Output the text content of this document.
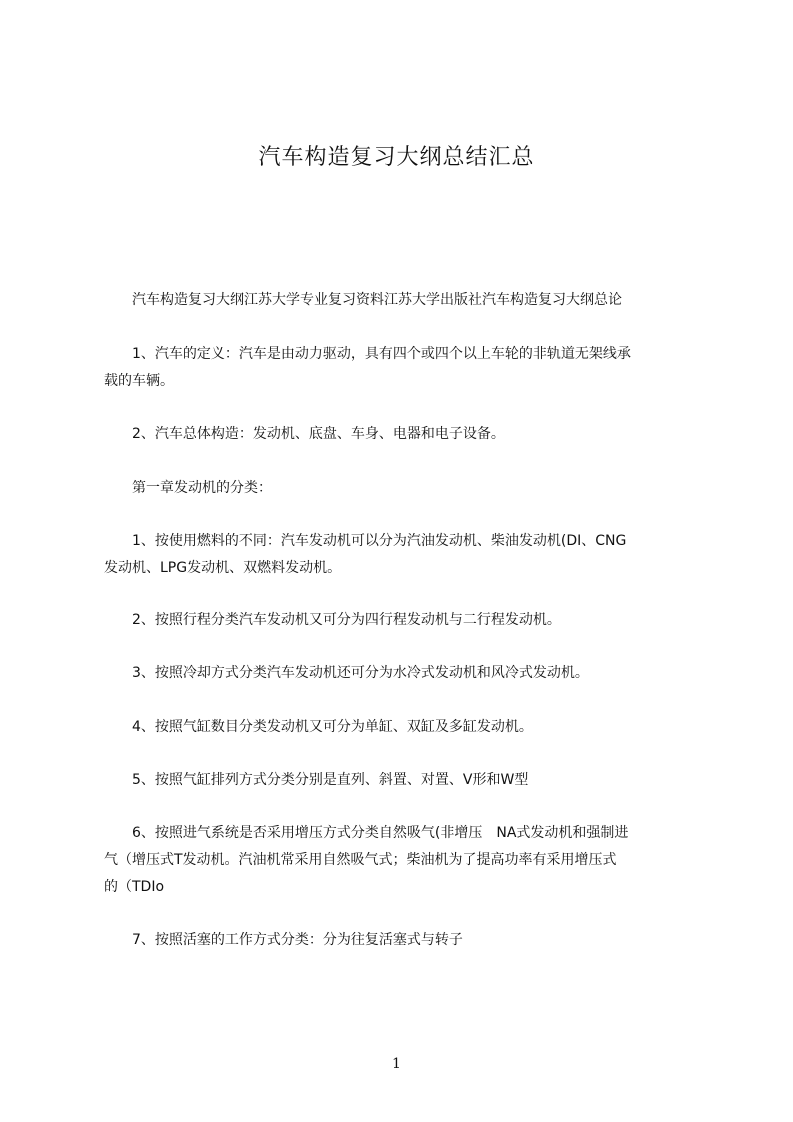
汽车构造复习大纲总结汇总

　　汽车构造复习大纲江苏大学专业复习资料江苏大学出版社汽车构造复习大纲总论

　　1、汽车的定义：汽车是由动力驱动，具有四个或四个以上车轮的非轨道无架线承
载的车辆。

　　2、汽车总体构造：发动机、底盘、车身、电器和电子设备。

　　第一章发动机的分类：

　　1、按使用燃料的不同：汽车发动机可以分为汽油发动机、柴油发动机(DI、CNG
发动机、LPG发动机、双燃料发动机。

　　2、按照行程分类汽车发动机又可分为四行程发动机与二行程发动机。

　　3、按照冷却方式分类汽车发动机还可分为水冷式发动机和风冷式发动机。

　　4、按照气缸数目分类发动机又可分为单缸、双缸及多缸发动机。

　　5、按照气缸排列方式分类分别是直列、斜置、对置、V形和W型

　　6、按照进气系统是否采用增压方式分类自然吸气(非增压　NA式发动机和强制进
气（增压式T发动机。汽油机常采用自然吸气式；柴油机为了提高功率有采用增压式
的（TDIo

　　7、按照活塞的工作方式分类：分为往复活塞式与转子

1
